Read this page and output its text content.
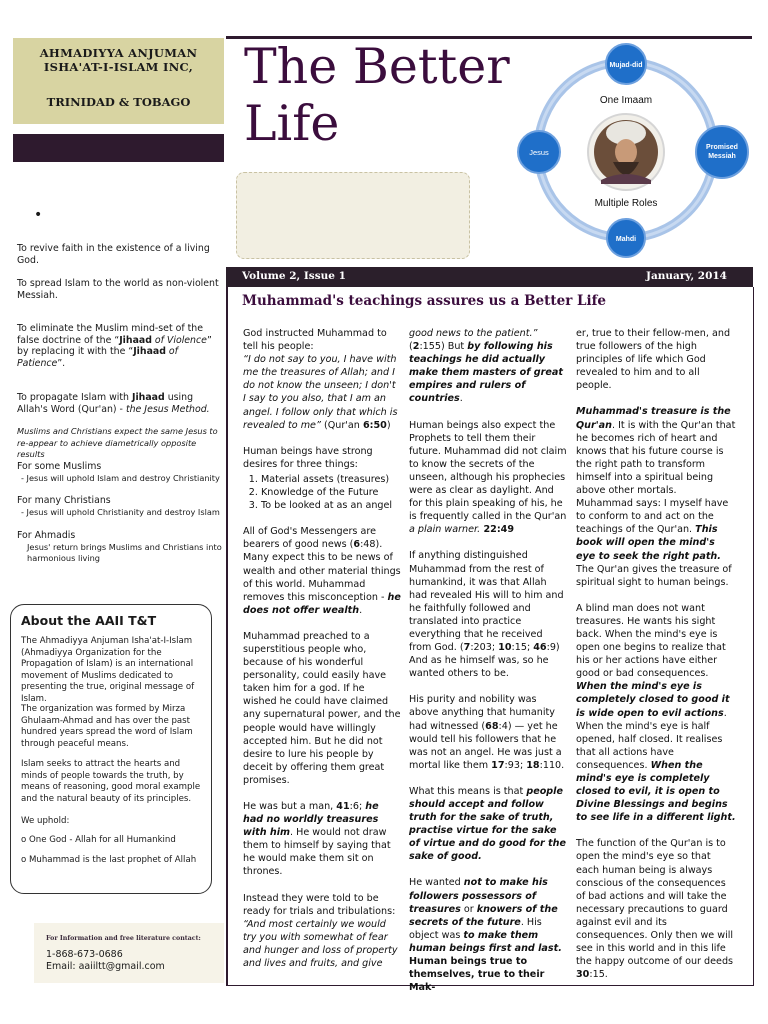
AHMADIYYA ANJUMAN
ISHA'AT-I-ISLAM INC,
TRINIDAD & TOBAGO
•
To revive faith in the existence of a living God.
To spread Islam to the world as non-violent Messiah.
To eliminate the Muslim mind-set of the false doctrine of the “Jihaad of Violence” by replacing it with the “Jihaad of Patience”.
To propagate Islam with Jihaad using Allah's Word (Qur'an) - the Jesus Method.
Muslims and Christians expect the same Jesus to re-appear to achieve diametrically opposite results
For some Muslims
- Jesus will uphold Islam and destroy Christianity
For many Christians
- Jesus will uphold Christianity and destroy Islam
For Ahmadis
Jesus' return brings Muslims and Christians into harmonious living
About the AAII T&T
The Ahmadiyya Anjuman Isha'at-I-Islam (Ahmadiyya Organization for the Propagation of Islam) is an international movement of Muslims dedicated to presenting the true, original message of Islam.
The organization was formed by Mirza Ghulaam-Ahmad and has over the past hundred years spread the word of Islam through peaceful means.
Islam seeks to attract the hearts and minds of people towards the truth, by means of reasoning, good moral example and the natural beauty of its principles.
We uphold:
o One God - Allah for all Humankind
o Muhammad is the last prophet of Allah
For Information and free literature contact:
1-868-673-0686
Email: aaiiltt@gmail.com
The Better
Life
Mujad-did
Jesus
Promised
Messiah
Mahdi
One Imaam
Multiple Roles
Volume 2, Issue 1	January, 2014
Muhammad's teachings assures us a Better Life

God instructed Muhammad to tell his people:
“I do not say to you, I have with me the treasures of Allah; and I do not know the unseen; I don't I say to you also, that I am an angel. I follow only that which is revealed to me” (Qur'an 6:50)

Human beings have strong desires for three things:

1. Material assets (treasures)
2. Knowledge of the Future
3. To be looked at as an angel

All of God's Messengers are bearers of good news (6:48). Many expect this to be news of wealth and other material things of this world. Muhammad removes this misconception - he does not offer wealth.

Muhammad preached to a superstitious people who, because of his wonderful personality, could easily have taken him for a god. If he wished he could have claimed any supernatural power, and the people would have willingly accepted him. But he did not desire to lure his people by deceit by offering them great promises.

He was but a man, 41:6; he had no worldly treasures with him. He would not draw them to himself by saying that he would make them sit on thrones.

Instead they were told to be ready for trials and tribulations: “And most certainly we would try you with somewhat of fear and hunger and loss of property and lives and fruits, and give

good news to the patient.” (2:155) But by following his teachings he did actually make them masters of great empires and rulers of countries.

Human beings also expect the Prophets to tell them their future. Muhammad did not claim to know the secrets of the unseen, although his prophecies were as clear as daylight. And for this plain speaking of his, he is frequently called in the Qur'an a plain warner. 22:49

If anything distinguished Muhammad from the rest of humankind, it was that Allah had revealed His will to him and he faithfully followed and translated into practice everything that he received from God. (7:203; 10:15; 46:9) And as he himself was, so he wanted others to be.

His purity and nobility was above anything that humanity had witnessed (68:4) — yet he would tell his followers that he was not an angel. He was just a mortal like them 17:93; 18:110.

What this means is that people should accept and follow truth for the sake of truth, practise virtue for the sake of virtue and do good for the sake of good.

He wanted not to make his followers possessors of treasures or knowers of the secrets of the future. His object was to make them human beings first and last. Human beings true to themselves, true to their Mak-

er, true to their fellow-men, and true followers of the high principles of life which God revealed to him and to all people.

Muhammad's treasure is the Qur'an. It is with the Qur'an that he becomes rich of heart and knows that his future course is the right path to transform himself into a spiritual being above other mortals. Muhammad says: I myself have to conform to and act on the teachings of the Qur'an. This book will open the mind's eye to seek the right path. The Qur'an gives the treasure of spiritual sight to human beings.

A blind man does not want treasures. He wants his sight back. When the mind's eye is open one begins to realize that his or her actions have either good or bad consequences. When the mind's eye is completely closed to good it is wide open to evil actions. When the mind's eye is half opened, half closed. It realises that all actions have consequences. When the mind's eye is completely closed to evil, it is open to Divine Blessings and begins to see life in a different light.

The function of the Qur'an is to open the mind's eye so that each human being is always conscious of the consequences of bad actions and will take the necessary precautions to guard against evil and its consequences. Only then we will see in this world and in this life the happy outcome of our deeds 30:15.
